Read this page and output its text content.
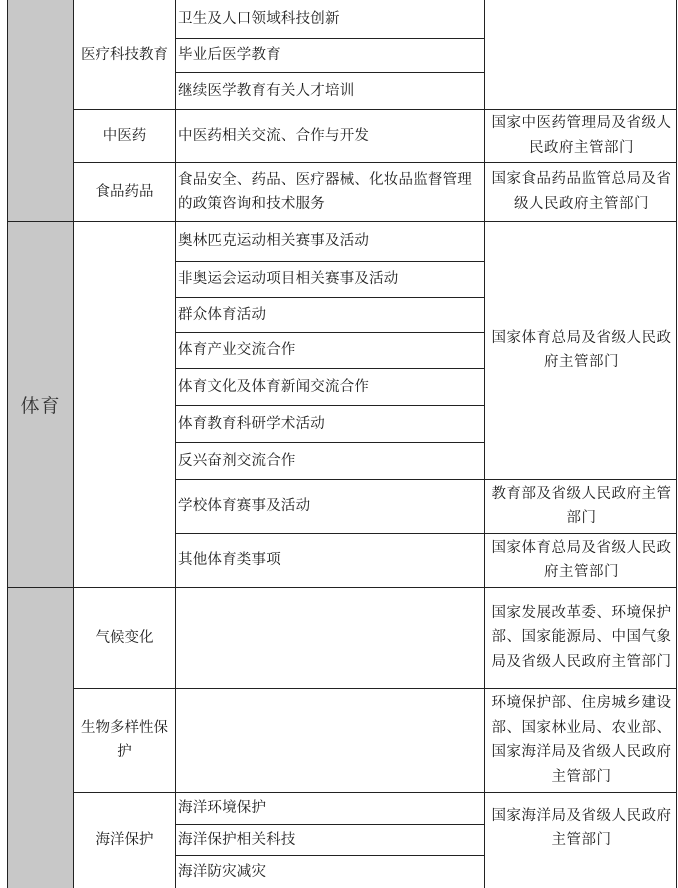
体育
医疗科技教育
卫生及人口领域科技创新
毕业后医学教育
继续医学教育有关人才培训
中医药 中医药相关交流、合作与开发
国家中医药管理局及省级人民政府主管部门
食品药品
食品安全、药品、医疗器械、化妆品监督管理的政策咨询和技术服务
国家食品药品监管总局及省级人民政府主管部门
奥林匹克运动相关赛事及活动
非奥运会运动项目相关赛事及活动
群众体育活动
体育产业交流合作
体育文化及体育新闻交流合作
体育教育科研学术活动
反兴奋剂交流合作
国家体育总局及省级人民政府主管部门
学校体育赛事及活动
教育部及省级人民政府主管部门
其他体育类事项
国家体育总局及省级人民政府主管部门
气候变化
国家发展改革委、环境保护部、国家能源局、中国气象局及省级人民政府主管部门
生物多样性保护
环境保护部、住房城乡建设部、国家林业局、农业部、国家海洋局及省级人民政府主管部门
海洋保护
海洋环境保护
海洋保护相关科技
海洋防灾减灾
国家海洋局及省级人民政府主管部门
